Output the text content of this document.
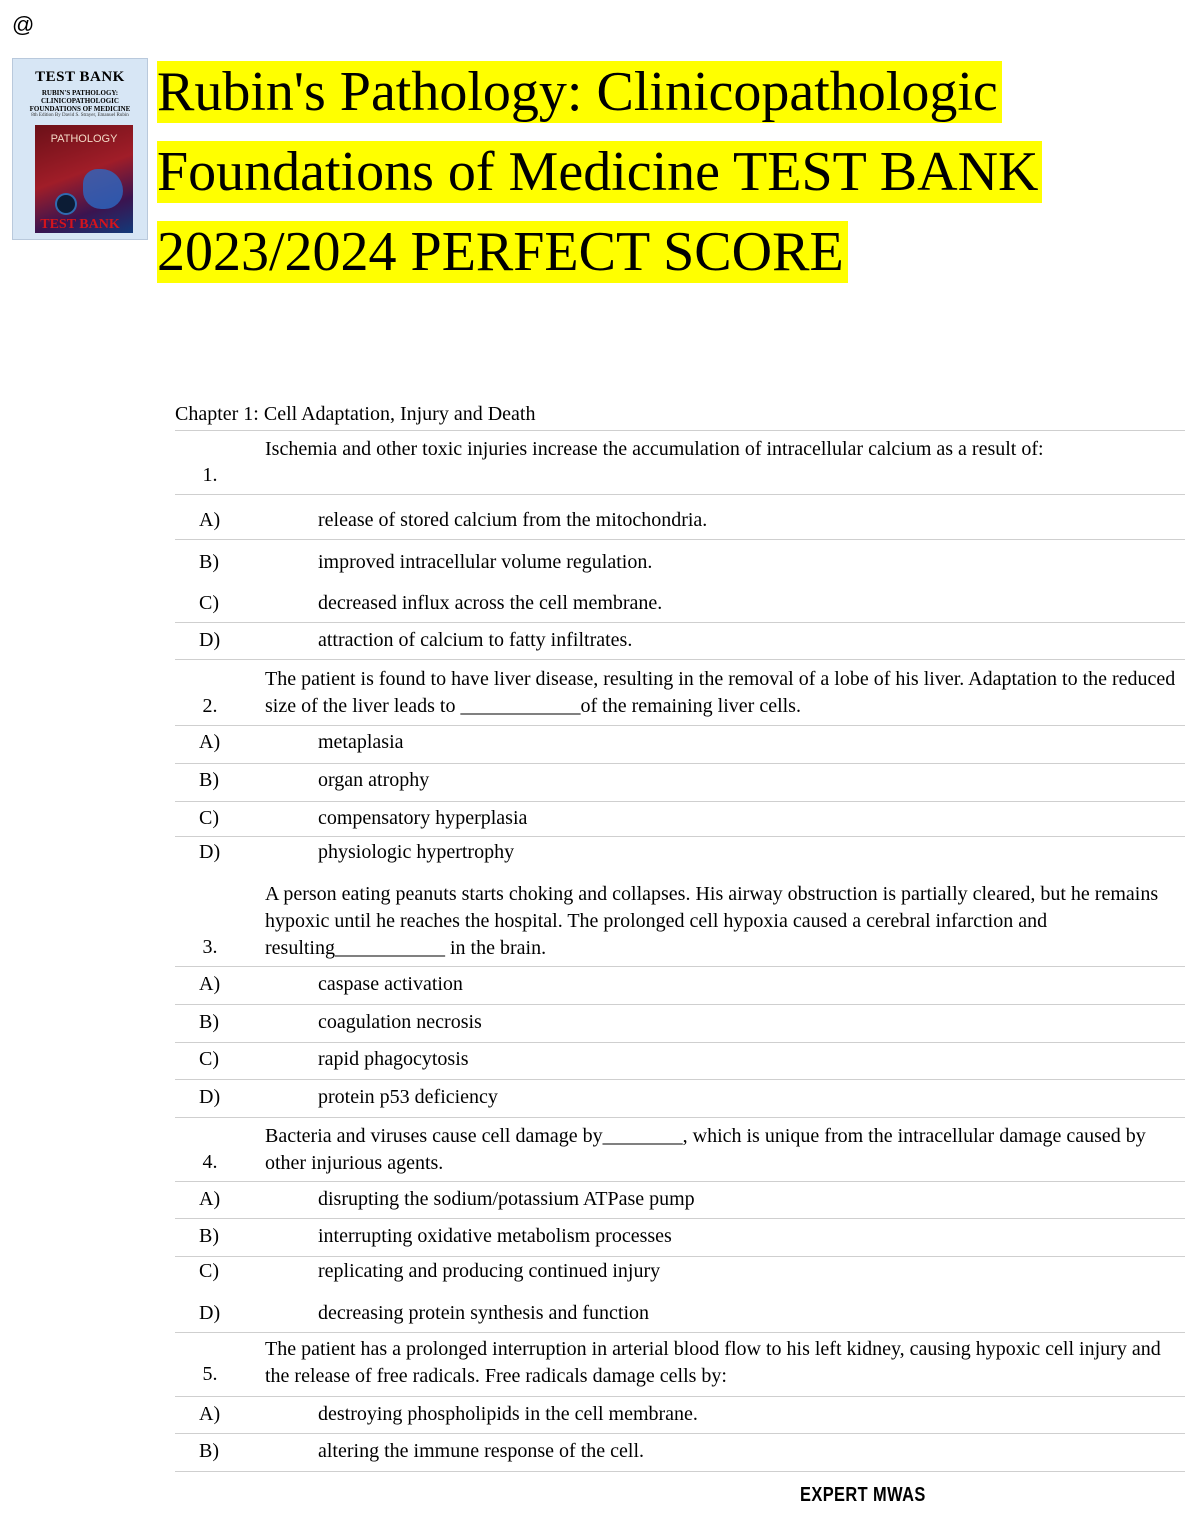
@
TEST BANK
RUBIN'S PATHOLOGY: CLINICOPATHOLOGIC FOUNDATIONS OF MEDICINE
8th Edition By David S. Strayer, Emanuel Rubin
PATHOLOGY
TEST BANK
Rubin's Pathology: Clinicopathologic Foundations of Medicine TEST BANK 2023/2024 PERFECT SCORE
Chapter 1: Cell Adaptation, Injury and Death
Ischemia and other toxic injuries increase the accumulation of intracellular calcium as a result of:
1.
A)	release of stored calcium from the mitochondria.
B)	improved intracellular volume regulation.
C)	decreased influx across the cell membrane.
D)	attraction of calcium to fatty infiltrates.
The patient is found to have liver disease, resulting in the removal of a lobe of his liver. Adaptation to the reduced size of the liver leads to ____________of the remaining liver cells.
2.
A)	metaplasia
B)	organ atrophy
C)	compensatory hyperplasia
D)	physiologic hypertrophy
A person eating peanuts starts choking and collapses. His airway obstruction is partially cleared, but he remains hypoxic until he reaches the hospital. The prolonged cell hypoxia caused a cerebral infarction and resulting___________ in the brain.
3.
A)	caspase activation
B)	coagulation necrosis
C)	rapid phagocytosis
D)	protein p53 deficiency
Bacteria and viruses cause cell damage by________, which is unique from the intracellular damage caused by other injurious agents.
4.
A)	disrupting the sodium/potassium ATPase pump
B)	interrupting oxidative metabolism processes
C)	replicating and producing continued injury
D)	decreasing protein synthesis and function
The patient has a prolonged interruption in arterial blood flow to his left kidney, causing hypoxic cell injury and the release of free radicals. Free radicals damage cells by:
5.
A)	destroying phospholipids in the cell membrane.
B)	altering the immune response of the cell.
EXPERT MWAS
